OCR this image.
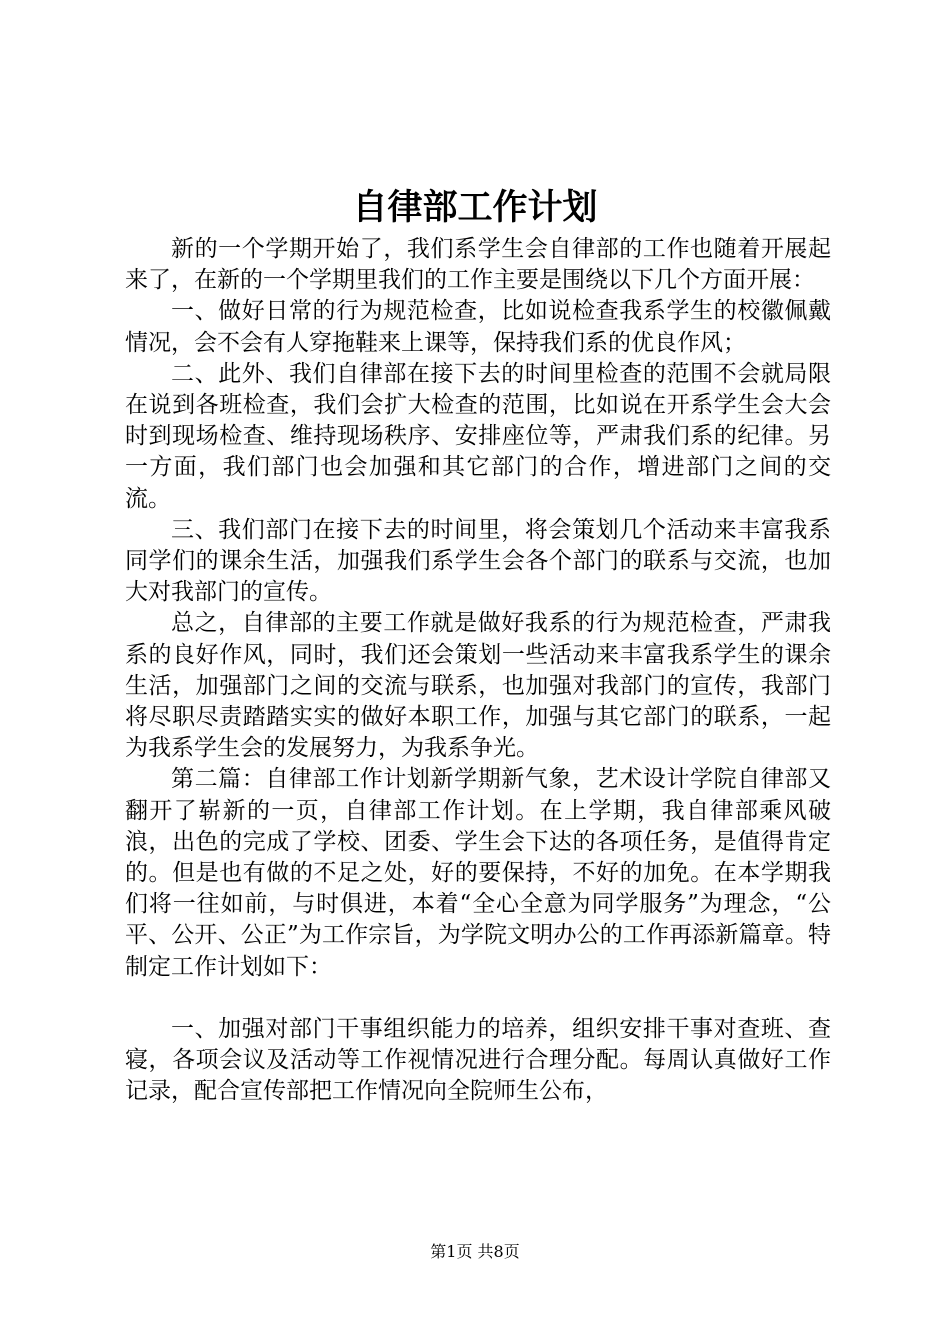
自律部工作计划

新的一个学期开始了，我们系学生会自律部的工作也随着开展起来了，在新的一个学期里我们的工作主要是围绕以下几个方面开展：

一、做好日常的行为规范检查，比如说检查我系学生的校徽佩戴情况，会不会有人穿拖鞋来上课等，保持我们系的优良作风；

二、此外、我们自律部在接下去的时间里检查的范围不会就局限在说到各班检查，我们会扩大检查的范围，比如说在开系学生会大会时到现场检查、维持现场秩序、安排座位等，严肃我们系的纪律。另一方面，我们部门也会加强和其它部门的合作，增进部门之间的交流。

三、我们部门在接下去的时间里，将会策划几个活动来丰富我系同学们的课余生活，加强我们系学生会各个部门的联系与交流，也加大对我部门的宣传。

总之，自律部的主要工作就是做好我系的行为规范检查，严肃我系的良好作风，同时，我们还会策划一些活动来丰富我系学生的课余生活，加强部门之间的交流与联系，也加强对我部门的宣传，我部门将尽职尽责踏踏实实的做好本职工作，加强与其它部门的联系，一起为我系学生会的发展努力，为我系争光。

第二篇：自律部工作计划新学期新气象，艺术设计学院自律部又翻开了崭新的一页，自律部工作计划。在上学期，我自律部乘风破浪，出色的完成了学校、团委、学生会下达的各项任务，是值得肯定的。但是也有做的不足之处，好的要保持，不好的加免。在本学期我们将一往如前，与时俱进，本着“全心全意为同学服务”为理念，“公平、公开、公正”为工作宗旨，为学院文明办公的工作再添新篇章。特制定工作计划如下：

一、加强对部门干事组织能力的培养，组织安排干事对查班、查寝，各项会议及活动等工作视情况进行合理分配。每周认真做好工作记录，配合宣传部把工作情况向全院师生公布，

第1页 共8页
